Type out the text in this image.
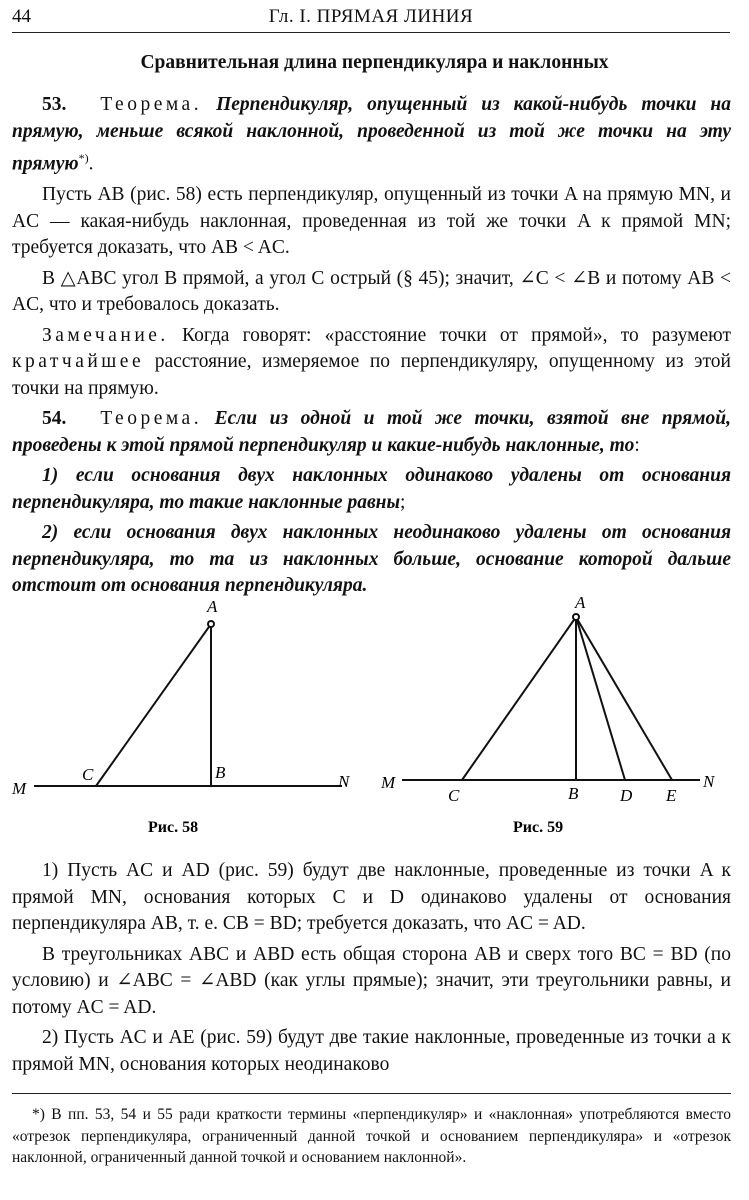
44	Гл. I. ПРЯМАЯ ЛИНИЯ
Сравнительная длина перпендикуляра и наклонных

53. Теорема. Перпендикуляр, опущенный из какой-нибудь точки на прямую, меньше всякой наклонной, проведенной из той же точки на эту прямую*).

Пусть AB (рис. 58) есть перпендикуляр, опущенный из точки A на прямую MN, и AC — какая-нибудь наклонная, проведенная из той же точки A к прямой MN; требуется доказать, что AB < AC.

В △ABC угол B прямой, а угол C острый (§ 45); значит, ∠C < ∠B и потому AB < AC, что и требовалось доказать.

Замечание. Когда говорят: «расстояние точки от прямой», то разумеют кратчайшее расстояние, измеряемое по перпендикуляру, опущенному из этой точки на прямую.

54. Теорема. Если из одной и той же точки, взятой вне прямой, проведены к этой прямой перпендикуляр и какие-нибудь наклонные, то:

1) если основания двух наклонных одинаково удалены от основания перпендикуляра, то такие наклонные равны;

2) если основания двух наклонных неодинаково удалены от основания перпендикуляра, то та из наклонных больше, основание которой дальше отстоит от основания перпендикуляра.

A
B
C
M	N
Рис. 58
A
B
C	D E
M	N
Рис. 59

1) Пусть AC и AD (рис. 59) будут две наклонные, проведенные из точки A к прямой MN, основания которых C и D одинаково удалены от основания перпендикуляра AB, т. е. CB = BD; требуется доказать, что AC = AD.

В треугольниках ABC и ABD есть общая сторона AB и сверх того BC = BD (по условию) и ∠ABC = ∠ABD (как углы прямые); значит, эти треугольники равны, и потому AC = AD.

2) Пусть AC и AE (рис. 59) будут две такие наклонные, проведенные из точки a к прямой MN, основания которых неодинаково

*) В пп. 53, 54 и 55 ради краткости термины «перпендикуляр» и «наклонная» употребляются вместо «отрезок перпендикуляра, ограниченный данной точкой и основанием перпендикуляра» и «отрезок наклонной, ограниченный данной точкой и основанием наклонной».
